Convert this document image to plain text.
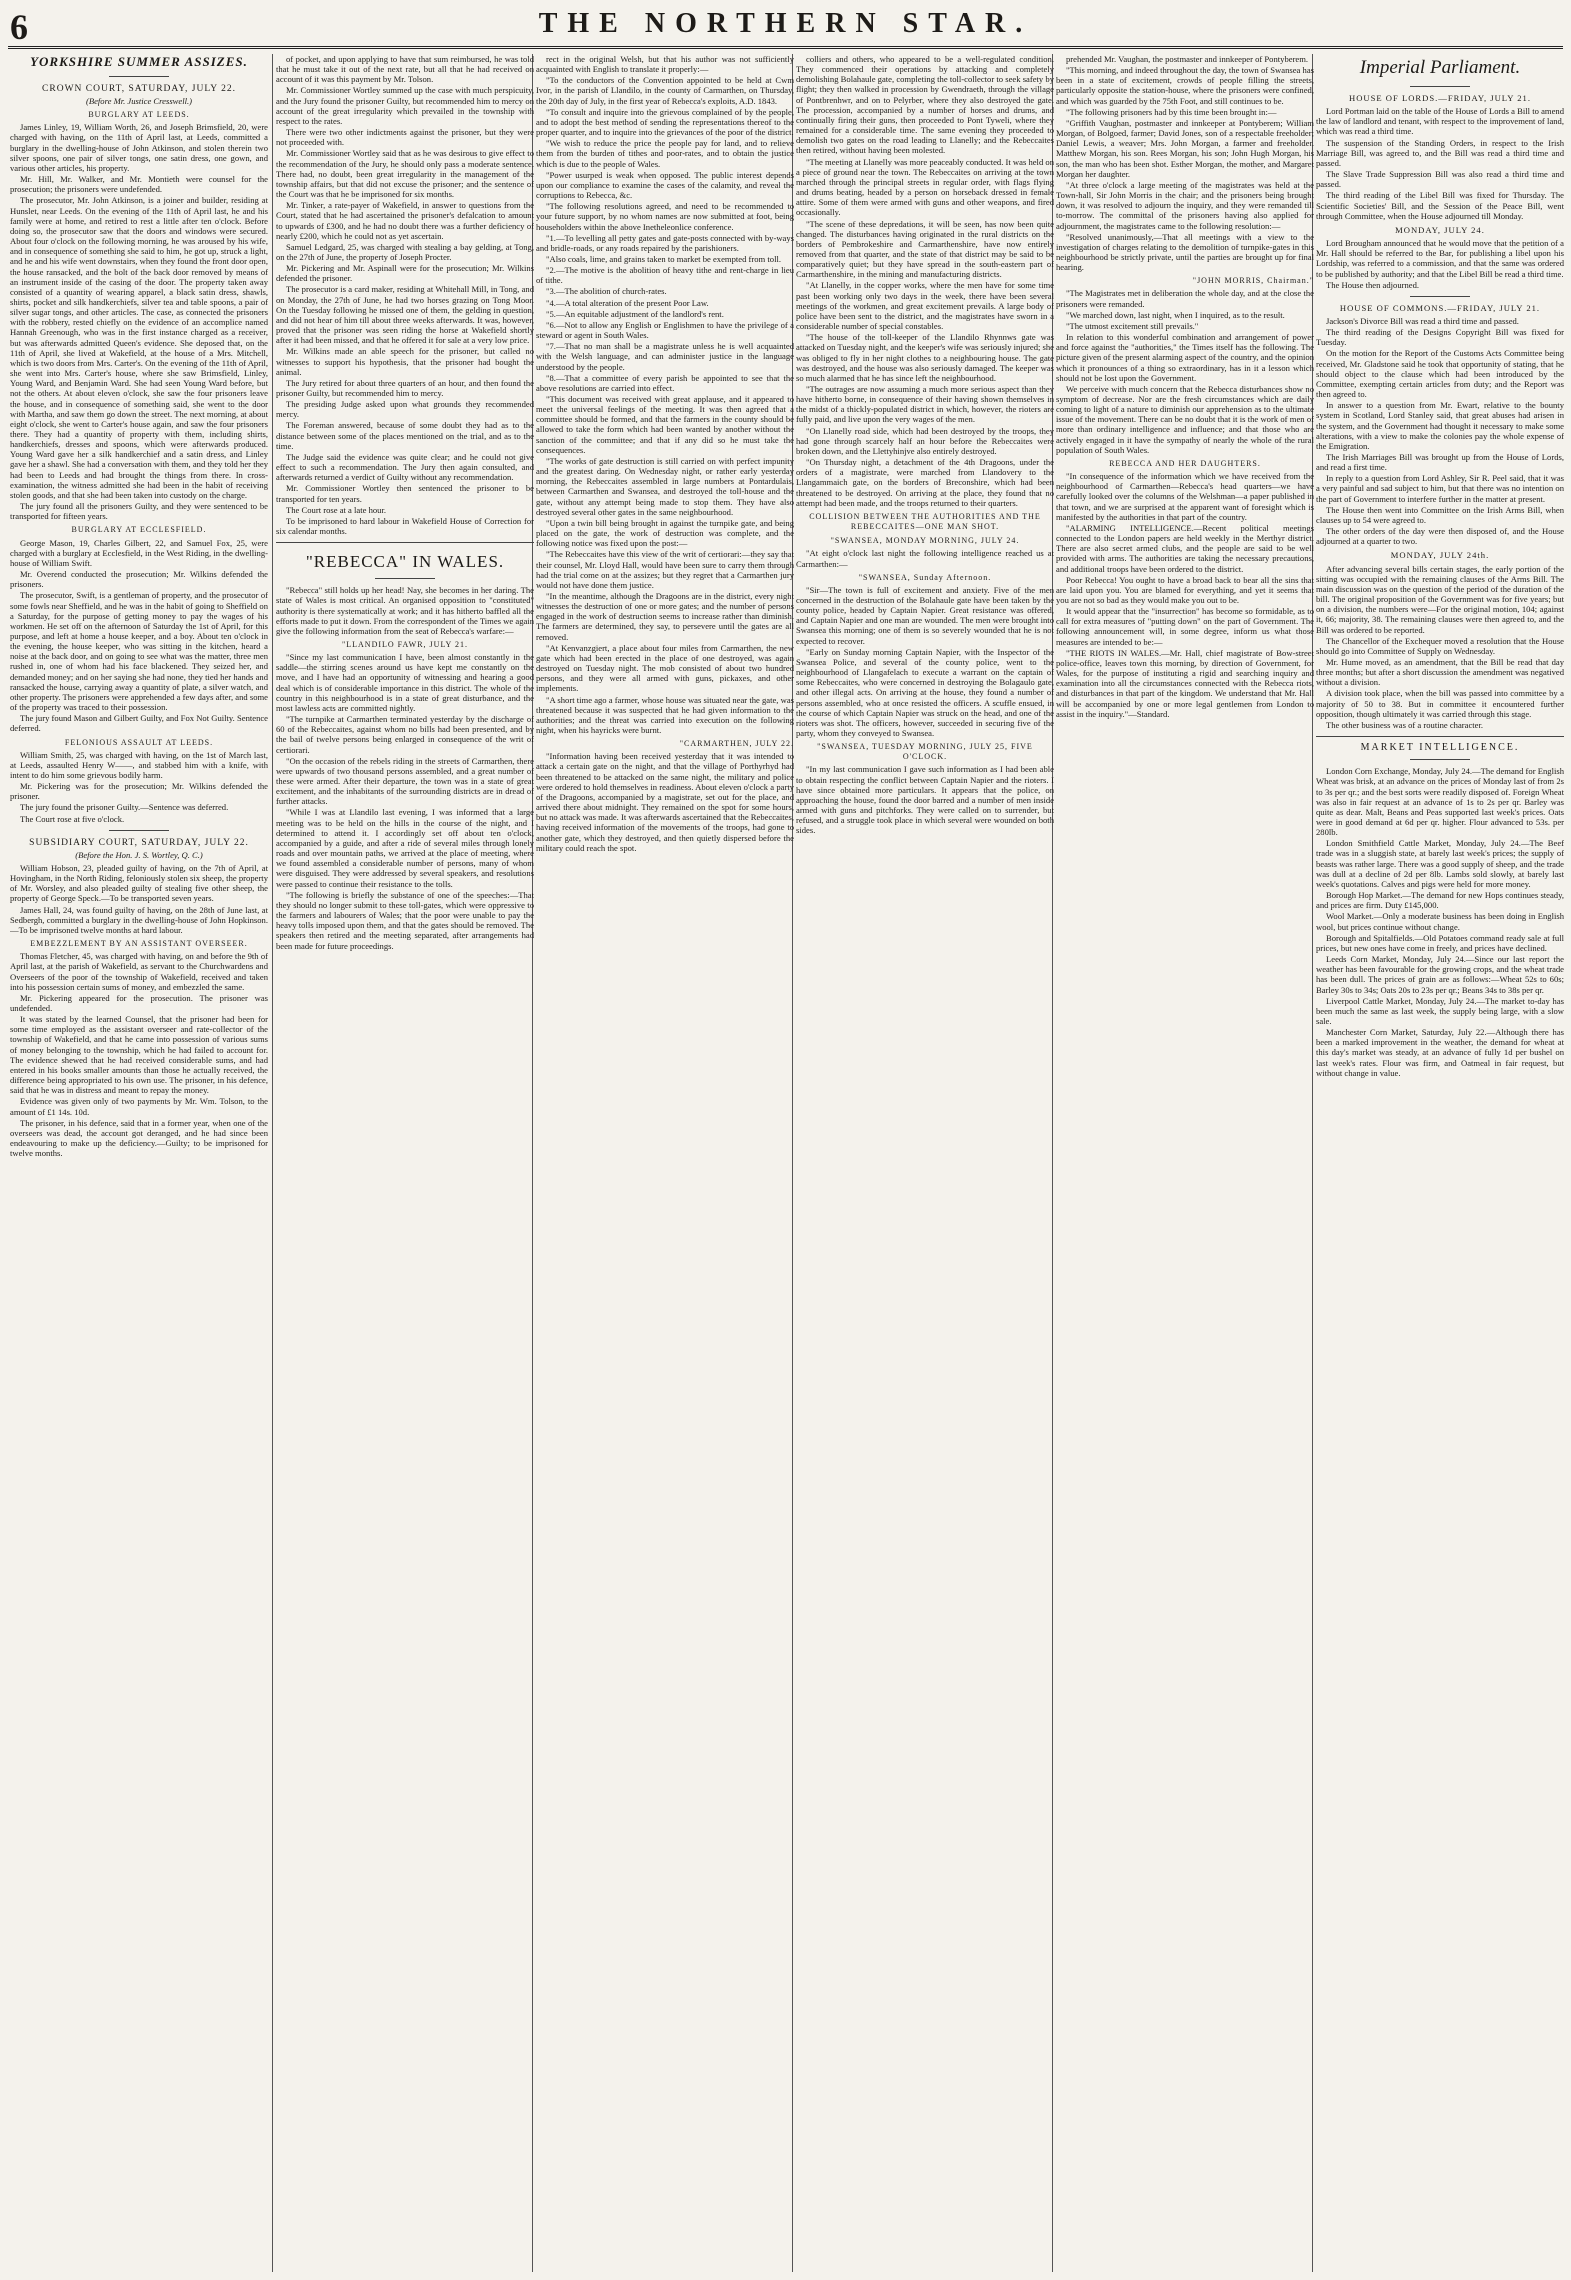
6	THE NORTHERN STAR.
YORKSHIRE SUMMER ASSIZES.
CROWN COURT, SATURDAY, JULY 22.
(Before Mr. Justice Cresswell.)
BURGLARY AT LEEDS.

James Linley, 19, William Worth, 26, and Joseph Brimsfield, 20, were charged with having, on the 11th of April last, at Leeds, committed a burglary in the dwelling-house of John Atkinson, and stolen therein two silver spoons, one pair of silver tongs, one satin dress, one gown, and various other articles, his property.

Mr. Hill, Mr. Walker, and Mr. Montieth were counsel for the prosecution; the prisoners were undefended.

The prosecutor, Mr. John Atkinson, is a joiner and builder, residing at Hunslet, near Leeds. On the evening of the 11th of April last, he and his family were at home, and retired to rest a little after ten o'clock. Before doing so, the prosecutor saw that the doors and windows were secured. About four o'clock on the following morning, he was aroused by his wife, and in consequence of something she said to him, he got up, struck a light, and he and his wife went downstairs, when they found the front door open, the house ransacked, and the bolt of the back door removed by means of an instrument inside of the casing of the door. The property taken away consisted of a quantity of wearing apparel, a black satin dress, shawls, shirts, pocket and silk handkerchiefs, silver tea and table spoons, a pair of silver sugar tongs, and other articles. The case, as connected the prisoners with the robbery, rested chiefly on the evidence of an accomplice named Hannah Greenough, who was in the first instance charged as a receiver, but was afterwards admitted Queen's evidence. She deposed that, on the 11th of April, she lived at Wakefield, at the house of a Mrs. Mitchell, which is two doors from Mrs. Carter's. On the evening of the 11th of April, she went into Mrs. Carter's house, where she saw Brimsfield, Linley, Young Ward, and Benjamin Ward. She had seen Young Ward before, but not the others. At about eleven o'clock, she saw the four prisoners leave the house, and in consequence of something said, she went to the door with Martha, and saw them go down the street. The next morning, at about eight o'clock, she went to Carter's house again, and saw the four prisoners there. They had a quantity of property with them, including shirts, handkerchiefs, dresses and spoons, which were afterwards produced. Young Ward gave her a silk handkerchief and a satin dress, and Linley gave her a shawl. She had a conversation with them, and they told her they had been to Leeds and had brought the things from there. In cross-examination, the witness admitted she had been in the habit of receiving stolen goods, and that she had been taken into custody on the charge.

The jury found all the prisoners Guilty, and they were sentenced to be transported for fifteen years.

BURGLARY AT ECCLESFIELD.

George Mason, 19, Charles Gilbert, 22, and Samuel Fox, 25, were charged with a burglary at Ecclesfield, in the West Riding, in the dwelling-house of William Swift.

Mr. Overend conducted the prosecution; Mr. Wilkins defended the prisoners.

The prosecutor, Swift, is a gentleman of property, and the prosecutor of some fowls near Sheffield, and he was in the habit of going to Sheffield on a Saturday, for the purpose of getting money to pay the wages of his workmen. He set off on the afternoon of Saturday the 1st of April, for this purpose, and left at home a house keeper, and a boy. About ten o'clock in the evening, the house keeper, who was sitting in the kitchen, heard a noise at the back door, and on going to see what was the matter, three men rushed in, one of whom had his face blackened. They seized her, and demanded money; and on her saying she had none, they tied her hands and ransacked the house, carrying away a quantity of plate, a silver watch, and other property. The prisoners were apprehended a few days after, and some of the property was traced to their possession.

The jury found Mason and Gilbert Guilty, and Fox Not Guilty. Sentence deferred.

FELONIOUS ASSAULT AT LEEDS.

William Smith, 25, was charged with having, on the 1st of March last, at Leeds, assaulted Henry W——, and stabbed him with a knife, with intent to do him some grievous bodily harm.

Mr. Pickering was for the prosecution; Mr. Wilkins defended the prisoner.

The jury found the prisoner Guilty.—Sentence was deferred.

The Court rose at five o'clock.

SUBSIDIARY COURT, SATURDAY, JULY 22.
(Before the Hon. J. S. Wortley, Q. C.)

William Hobson, 23, pleaded guilty of having, on the 7th of April, at Hovingham, in the North Riding, feloniously stolen six sheep, the property of Mr. Worsley, and also pleaded guilty of stealing five other sheep, the property of George Speck.—To be transported seven years.

James Hall, 24, was found guilty of having, on the 28th of June last, at Sedbergh, committed a burglary in the dwelling-house of John Hopkinson.—To be imprisoned twelve months at hard labour.

EMBEZZLEMENT BY AN ASSISTANT OVERSEER.

Thomas Fletcher, 45, was charged with having, on and before the 9th of April last, at the parish of Wakefield, as servant to the Churchwardens and Overseers of the poor of the township of Wakefield, received and taken into his possession certain sums of money, and embezzled the same.

Mr. Pickering appeared for the prosecution. The prisoner was undefended.

It was stated by the learned Counsel, that the prisoner had been for some time employed as the assistant overseer and rate-collector of the township of Wakefield, and that he came into possession of various sums of money belonging to the township, which he had failed to account for. The evidence shewed that he had received considerable sums, and had entered in his books smaller amounts than those he actually received, the difference being appropriated to his own use. The prisoner, in his defence, said that he was in distress and meant to repay the money.

Evidence was given only of two payments by Mr. Wm. Tolson, to the amount of £1 14s. 10d.

The prisoner, in his defence, said that in a former year, when one of the overseers was dead, the account got deranged, and he had since been endeavouring to make up the deficiency.—Guilty; to be imprisoned for twelve months.

of pocket, and upon applying to have that sum reimbursed, he was told that he must take it out of the next rate, but all that he had received on account of it was this payment by Mr. Tolson.

Mr. Commissioner Wortley summed up the case with much perspicuity, and the Jury found the prisoner Guilty, but recommended him to mercy on account of the great irregularity which prevailed in the township with respect to the rates.

There were two other indictments against the prisoner, but they were not proceeded with.

Mr. Commissioner Wortley said that as he was desirous to give effect to the recommendation of the Jury, he should only pass a moderate sentence. There had, no doubt, been great irregularity in the management of the township affairs, but that did not excuse the prisoner; and the sentence of the Court was that he be imprisoned for six months.

Mr. Tinker, a rate-payer of Wakefield, in answer to questions from the Court, stated that he had ascertained the prisoner's defalcation to amount to upwards of £300, and he had no doubt there was a further deficiency of nearly £200, which he could not as yet ascertain.

Samuel Ledgard, 25, was charged with stealing a bay gelding, at Tong, on the 27th of June, the property of Joseph Procter.

Mr. Pickering and Mr. Aspinall were for the prosecution; Mr. Wilkins defended the prisoner.

The prosecutor is a card maker, residing at Whitehall Mill, in Tong, and on Monday, the 27th of June, he had two horses grazing on Tong Moor. On the Tuesday following he missed one of them, the gelding in question, and did not hear of him till about three weeks afterwards. It was, however, proved that the prisoner was seen riding the horse at Wakefield shortly after it had been missed, and that he offered it for sale at a very low price.

Mr. Wilkins made an able speech for the prisoner, but called no witnesses to support his hypothesis, that the prisoner had bought the animal.

The Jury retired for about three quarters of an hour, and then found the prisoner Guilty, but recommended him to mercy.

The presiding Judge asked upon what grounds they recommended mercy.

The Foreman answered, because of some doubt they had as to the distance between some of the places mentioned on the trial, and as to the time.

The Judge said the evidence was quite clear; and he could not give effect to such a recommendation. The Jury then again consulted, and afterwards returned a verdict of Guilty without any recommendation.

Mr. Commissioner Wortley then sentenced the prisoner to be transported for ten years.

The Court rose at a late hour.

To be imprisoned to hard labour in Wakefield House of Correction for six calendar months.

"REBECCA" IN WALES.

"Rebecca" still holds up her head! Nay, she becomes in her daring. The state of Wales is most critical. An organised opposition to "constituted" authority is there systematically at work; and it has hitherto baffled all the efforts made to put it down. From the correspondent of the Times we again give the following information from the seat of Rebecca's warfare:—

"LLANDILO FAWR, JULY 21.

"Since my last communication I have, been almost constantly in the saddle—the stirring scenes around us have kept me constantly on the move, and I have had an opportunity of witnessing and hearing a good deal which is of considerable importance in this district. The whole of the country in this neighbourhood is in a state of great disturbance, and the most lawless acts are committed nightly.

"The turnpike at Carmarthen terminated yesterday by the discharge of 60 of the Rebeccaites, against whom no bills had been presented, and by the bail of twelve persons being enlarged in consequence of the writ of certiorari.

"On the occasion of the rebels riding in the streets of Carmarthen, there were upwards of two thousand persons assembled, and a great number of these were armed. After their departure, the town was in a state of great excitement, and the inhabitants of the surrounding districts are in dread of further attacks.

"While I was at Llandilo last evening, I was informed that a large meeting was to be held on the hills in the course of the night, and I determined to attend it. I accordingly set off about ten o'clock, accompanied by a guide, and after a ride of several miles through lonely roads and over mountain paths, we arrived at the place of meeting, where we found assembled a considerable number of persons, many of whom were disguised. They were addressed by several speakers, and resolutions were passed to continue their resistance to the tolls.

"The following is briefly the substance of one of the speeches:—That they should no longer submit to these toll-gates, which were oppressive to the farmers and labourers of Wales; that the poor were unable to pay the heavy tolls imposed upon them, and that the gates should be removed. The speakers then retired and the meeting separated, after arrangements had been made for future proceedings.

rect in the original Welsh, but that his author was not sufficiently acquainted with English to translate it properly:—

"To the conductors of the Convention appointed to be held at Cwm Ivor, in the parish of Llandilo, in the county of Carmarthen, on Thursday, the 20th day of July, in the first year of Rebecca's exploits, A.D. 1843.

"To consult and inquire into the grievous complained of by the people, and to adopt the best method of sending the representations thereof to the proper quarter, and to inquire into the grievances of the poor of the district.

"We wish to reduce the price the people pay for land, and to relieve them from the burden of tithes and poor-rates, and to obtain the justice which is due to the people of Wales.

"Power usurped is weak when opposed. The public interest depends upon our compliance to examine the cases of the calamity, and reveal the corruptions to Rebecca, &c.

"The following resolutions agreed, and need to be recommended to your future support, by no whom names are now submitted at foot, being householders within the above Inetheleonlice conference.

"1.—To levelling all petty gates and gate-posts connected with by-ways and bridle-roads, or any roads repaired by the parishioners.

"Also coals, lime, and grains taken to market be exempted from toll.

"2.—The motive is the abolition of heavy tithe and rent-charge in lieu of tithe.

"3.—The abolition of church-rates.

"4.—A total alteration of the present Poor Law.

"5.—An equitable adjustment of the landlord's rent.

"6.—Not to allow any English or Englishmen to have the privilege of a steward or agent in South Wales.

"7.—That no man shall be a magistrate unless he is well acquainted with the Welsh language, and can administer justice in the language understood by the people.

"8.—That a committee of every parish be appointed to see that the above resolutions are carried into effect.

"This document was received with great applause, and it appeared to meet the universal feelings of the meeting. It was then agreed that a committee should be formed, and that the farmers in the county should be allowed to take the form which had been wanted by another without the sanction of the committee; and that if any did so he must take the consequences.

"The works of gate destruction is still carried on with perfect impunity and the greatest daring. On Wednesday night, or rather early yesterday morning, the Rebeccaites assembled in large numbers at Pontardulais, between Carmarthen and Swansea, and destroyed the toll-house and the gate, without any attempt being made to stop them. They have also destroyed several other gates in the same neighbourhood.

"Upon a twin bill being brought in against the turnpike gate, and being placed on the gate, the work of destruction was complete, and the following notice was fixed upon the post:—

"The Rebeccaites have this view of the writ of certiorari:—they say that their counsel, Mr. Lloyd Hall, would have been sure to carry them through had the trial come on at the assizes; but they regret that a Carmarthen jury would not have done them justice.

"In the meantime, although the Dragoons are in the district, every night witnesses the destruction of one or more gates; and the number of persons engaged in the work of destruction seems to increase rather than diminish. The farmers are determined, they say, to persevere until the gates are all removed.

"At Kenvanzgiert, a place about four miles from Carmarthen, the new gate which had been erected in the place of one destroyed, was again destroyed on Tuesday night. The mob consisted of about two hundred persons, and they were all armed with guns, pickaxes, and other implements.

"A short time ago a farmer, whose house was situated near the gate, was threatened because it was suspected that he had given information to the authorities; and the threat was carried into execution on the following night, when his hayricks were burnt.

"CARMARTHEN, JULY 22.

"Information having been received yesterday that it was intended to attack a certain gate on the night, and that the village of Porthyrhyd had been threatened to be attacked on the same night, the military and police were ordered to hold themselves in readiness. About eleven o'clock a party of the Dragoons, accompanied by a magistrate, set out for the place, and arrived there about midnight. They remained on the spot for some hours, but no attack was made. It was afterwards ascertained that the Rebeccaites, having received information of the movements of the troops, had gone to another gate, which they destroyed, and then quietly dispersed before the military could reach the spot.

colliers and others, who appeared to be a well-regulated condition. They commenced their operations by attacking and completely demolishing Bolahaule gate, completing the toll-collector to seek safety by flight; they then walked in procession by Gwendraeth, through the village of Pontbrenhwr, and on to Pelyrber, where they also destroyed the gate. The procession, accompanied by a number of horses and drums, and continually firing their guns, then proceeded to Pont Tyweli, where they remained for a considerable time. The same evening they proceeded to demolish two gates on the road leading to Llanelly; and the Rebeccaites then retired, without having been molested.

"The meeting at Llanelly was more peaceably conducted. It was held on a piece of ground near the town. The Rebeccaites on arriving at the town marched through the principal streets in regular order, with flags flying and drums beating, headed by a person on horseback dressed in female attire. Some of them were armed with guns and other weapons, and fired occasionally.

"The scene of these depredations, it will be seen, has now been quite changed. The disturbances having originated in the rural districts on the borders of Pembrokeshire and Carmarthenshire, have now entirely removed from that quarter, and the state of that district may be said to be comparatively quiet; but they have spread in the south-eastern part of Carmarthenshire, in the mining and manufacturing districts.

"At Llanelly, in the copper works, where the men have for some time past been working only two days in the week, there have been several meetings of the workmen, and great excitement prevails. A large body of police have been sent to the district, and the magistrates have sworn in a considerable number of special constables.

"The house of the toll-keeper of the Llandilo Rhynnws gate was attacked on Tuesday night, and the keeper's wife was seriously injured; she was obliged to fly in her night clothes to a neighbouring house. The gate was destroyed, and the house was also seriously damaged. The keeper was so much alarmed that he has since left the neighbourhood.

"The outrages are now assuming a much more serious aspect than they have hitherto borne, in consequence of their having shown themselves in the midst of a thickly-populated district in which, however, the rioters are fully paid, and live upon the very wages of the men.

"On Llanelly road side, which had been destroyed by the troops, they had gone through scarcely half an hour before the Rebeccaites were broken down, and the Llettyhinjve also entirely destroyed.

"On Thursday night, a detachment of the 4th Dragoons, under the orders of a magistrate, were marched from Llandovery to the Llangammaich gate, on the borders of Breconshire, which had been threatened to be destroyed. On arriving at the place, they found that no attempt had been made, and the troops returned to their quarters.

COLLISION BETWEEN THE AUTHORITIES AND THE REBECCAITES—ONE MAN SHOT.
"SWANSEA, MONDAY MORNING, JULY 24.

"At eight o'clock last night the following intelligence reached us at Carmarthen:—

"SWANSEA, Sunday Afternoon.

"Sir—The town is full of excitement and anxiety. Five of the men concerned in the destruction of the Bolahaule gate have been taken by the county police, headed by Captain Napier. Great resistance was offered, and Captain Napier and one man are wounded. The men were brought into Swansea this morning; one of them is so severely wounded that he is not expected to recover.

"Early on Sunday morning Captain Napier, with the Inspector of the Swansea Police, and several of the county police, went to the neighbourhood of Llangafelach to execute a warrant on the captain of some Rebeccaites, who were concerned in destroying the Bolagaulo gate, and other illegal acts. On arriving at the house, they found a number of persons assembled, who at once resisted the officers. A scuffle ensued, in the course of which Captain Napier was struck on the head, and one of the rioters was shot. The officers, however, succeeded in securing five of the party, whom they conveyed to Swansea.

"SWANSEA, TUESDAY MORNING, JULY 25, FIVE O'CLOCK.

"In my last communication I gave such information as I had been able to obtain respecting the conflict between Captain Napier and the rioters. I have since obtained more particulars. It appears that the police, on approaching the house, found the door barred and a number of men inside armed with guns and pitchforks. They were called on to surrender, but refused, and a struggle took place in which several were wounded on both sides.

prehended Mr. Vaughan, the postmaster and innkeeper of Pontyberem.

"This morning, and indeed throughout the day, the town of Swansea has been in a state of excitement, crowds of people filling the streets, particularly opposite the station-house, where the prisoners were confined, and which was guarded by the 75th Foot, and still continues to be.

"The following prisoners had by this time been brought in:—

"Griffith Vaughan, postmaster and innkeeper at Pontyberem; William Morgan, of Bolgoed, farmer; David Jones, son of a respectable freeholder; Daniel Lewis, a weaver; Mrs. John Morgan, a farmer and freeholder. Matthew Morgan, his son. Rees Morgan, his son; John Hugh Morgan, his son, the man who has been shot. Esther Morgan, the mother, and Margaret Morgan her daughter.

"At three o'clock a large meeting of the magistrates was held at the Town-hall, Sir John Morris in the chair; and the prisoners being brought down, it was resolved to adjourn the inquiry, and they were remanded till to-morrow. The committal of the prisoners having also applied for adjournment, the magistrates came to the following resolution:—

"Resolved unanimously,—That all meetings with a view to the investigation of charges relating to the demolition of turnpike-gates in this neighbourhood be strictly private, until the parties are brought up for final hearing.

"JOHN MORRIS, Chairman."

"The Magistrates met in deliberation the whole day, and at the close the prisoners were remanded.

"We marched down, last night, when I inquired, as to the result.

"The utmost excitement still prevails."

In relation to this wonderful combination and arrangement of power and force against the "authorities," the Times itself has the following. The picture given of the present alarming aspect of the country, and the opinion which it pronounces of a thing so extraordinary, has in it a lesson which should not be lost upon the Government.

We perceive with much concern that the Rebecca disturbances show no symptom of decrease. Nor are the fresh circumstances which are daily coming to light of a nature to diminish our apprehension as to the ultimate issue of the movement. There can be no doubt that it is the work of men of more than ordinary intelligence and influence; and that those who are actively engaged in it have the sympathy of nearly the whole of the rural population of South Wales.

REBECCA AND HER DAUGHTERS.

"In consequence of the information which we have received from the neighbourhood of Carmarthen—Rebecca's head quarters—we have carefully looked over the columns of the Welshman—a paper published in that town, and we are surprised at the apparent want of foresight which is manifested by the authorities in that part of the country.

"ALARMING INTELLIGENCE.—Recent political meetings connected to the London papers are held weekly in the Merthyr district. There are also secret armed clubs, and the people are said to be well provided with arms. The authorities are taking the necessary precautions, and additional troops have been ordered to the district.

Poor Rebecca! You ought to have a broad back to bear all the sins that are laid upon you. You are blamed for everything, and yet it seems that you are not so bad as they would make you out to be.

It would appear that the "insurrection" has become so formidable, as to call for extra measures of "putting down" on the part of Government. The following announcement will, in some degree, inform us what those measures are intended to be:—

"THE RIOTS IN WALES.—Mr. Hall, chief magistrate of Bow-street police-office, leaves town this morning, by direction of Government, for Wales, for the purpose of instituting a rigid and searching inquiry and examination into all the circumstances connected with the Rebecca riots, and disturbances in that part of the kingdom. We understand that Mr. Hall will be accompanied by one or more legal gentlemen from London to assist in the inquiry."—Standard.

Imperial Parliament.
HOUSE OF LORDS.—FRIDAY, JULY 21.

Lord Portman laid on the table of the House of Lords a Bill to amend the law of landlord and tenant, with respect to the improvement of land, which was read a third time.

The suspension of the Standing Orders, in respect to the Irish Marriage Bill, was agreed to, and the Bill was read a third time and passed.

The Slave Trade Suppression Bill was also read a third time and passed.

The third reading of the Libel Bill was fixed for Thursday. The Scientific Societies' Bill, and the Session of the Peace Bill, went through Committee, when the House adjourned till Monday.

MONDAY, JULY 24.

Lord Brougham announced that he would move that the petition of a Mr. Hall should be referred to the Bar, for publishing a libel upon his Lordship, was referred to a commission, and that the same was ordered to be published by authority; and that the Libel Bill be read a third time.

The House then adjourned.

HOUSE OF COMMONS.—FRIDAY, JULY 21.

Jackson's Divorce Bill was read a third time and passed.

The third reading of the Designs Copyright Bill was fixed for Tuesday.

On the motion for the Report of the Customs Acts Committee being received, Mr. Gladstone said he took that opportunity of stating, that he should object to the clause which had been introduced by the Committee, exempting certain articles from duty; and the Report was then agreed to.

In answer to a question from Mr. Ewart, relative to the bounty system in Scotland, Lord Stanley said, that great abuses had arisen in the system, and the Government had thought it necessary to make some alterations, with a view to make the colonies pay the whole expense of the Emigration.

The Irish Marriages Bill was brought up from the House of Lords, and read a first time.

In reply to a question from Lord Ashley, Sir R. Peel said, that it was a very painful and sad subject to him, but that there was no intention on the part of Government to interfere further in the matter at present.

The House then went into Committee on the Irish Arms Bill, when clauses up to 54 were agreed to.

The other orders of the day were then disposed of, and the House adjourned at a quarter to two.

MONDAY, JULY 24th.

After advancing several bills certain stages, the early portion of the sitting was occupied with the remaining clauses of the Arms Bill. The main discussion was on the question of the period of the duration of the bill. The original proposition of the Government was for five years; but on a division, the numbers were—For the original motion, 104; against it, 66; majority, 38. The remaining clauses were then agreed to, and the Bill was ordered to be reported.

The Chancellor of the Exchequer moved a resolution that the House should go into Committee of Supply on Wednesday.

Mr. Hume moved, as an amendment, that the Bill be read that day three months; but after a short discussion the amendment was negatived without a division.

A division took place, when the bill was passed into committee by a majority of 50 to 38. But in committee it encountered further opposition, though ultimately it was carried through this stage.

The other business was of a routine character.

MARKET INTELLIGENCE.

London Corn Exchange, Monday, July 24.—The demand for English Wheat was brisk, at an advance on the prices of Monday last of from 2s to 3s per qr.; and the best sorts were readily disposed of. Foreign Wheat was also in fair request at an advance of 1s to 2s per qr. Barley was quite as dear. Malt, Beans and Peas supported last week's prices. Oats were in good demand at 6d per qr. higher. Flour advanced to 53s. per 280lb.

London Smithfield Cattle Market, Monday, July 24.—The Beef trade was in a sluggish state, at barely last week's prices; the supply of beasts was rather large. There was a good supply of sheep, and the trade was dull at a decline of 2d per 8lb. Lambs sold slowly, at barely last week's quotations. Calves and pigs were held for more money.

Borough Hop Market.—The demand for new Hops continues steady, and prices are firm. Duty £145,000.

Wool Market.—Only a moderate business has been doing in English wool, but prices continue without change.

Borough and Spitalfields.—Old Potatoes command ready sale at full prices, but new ones have come in freely, and prices have declined.

Leeds Corn Market, Monday, July 24.—Since our last report the weather has been favourable for the growing crops, and the wheat trade has been dull. The prices of grain are as follows:—Wheat 52s to 60s; Barley 30s to 34s; Oats 20s to 23s per qr.; Beans 34s to 38s per qr.

Liverpool Cattle Market, Monday, July 24.—The market to-day has been much the same as last week, the supply being large, with a slow sale.

Manchester Corn Market, Saturday, July 22.—Although there has been a marked improvement in the weather, the demand for wheat at this day's market was steady, at an advance of fully 1d per bushel on last week's rates. Flour was firm, and Oatmeal in fair request, but without change in value.
